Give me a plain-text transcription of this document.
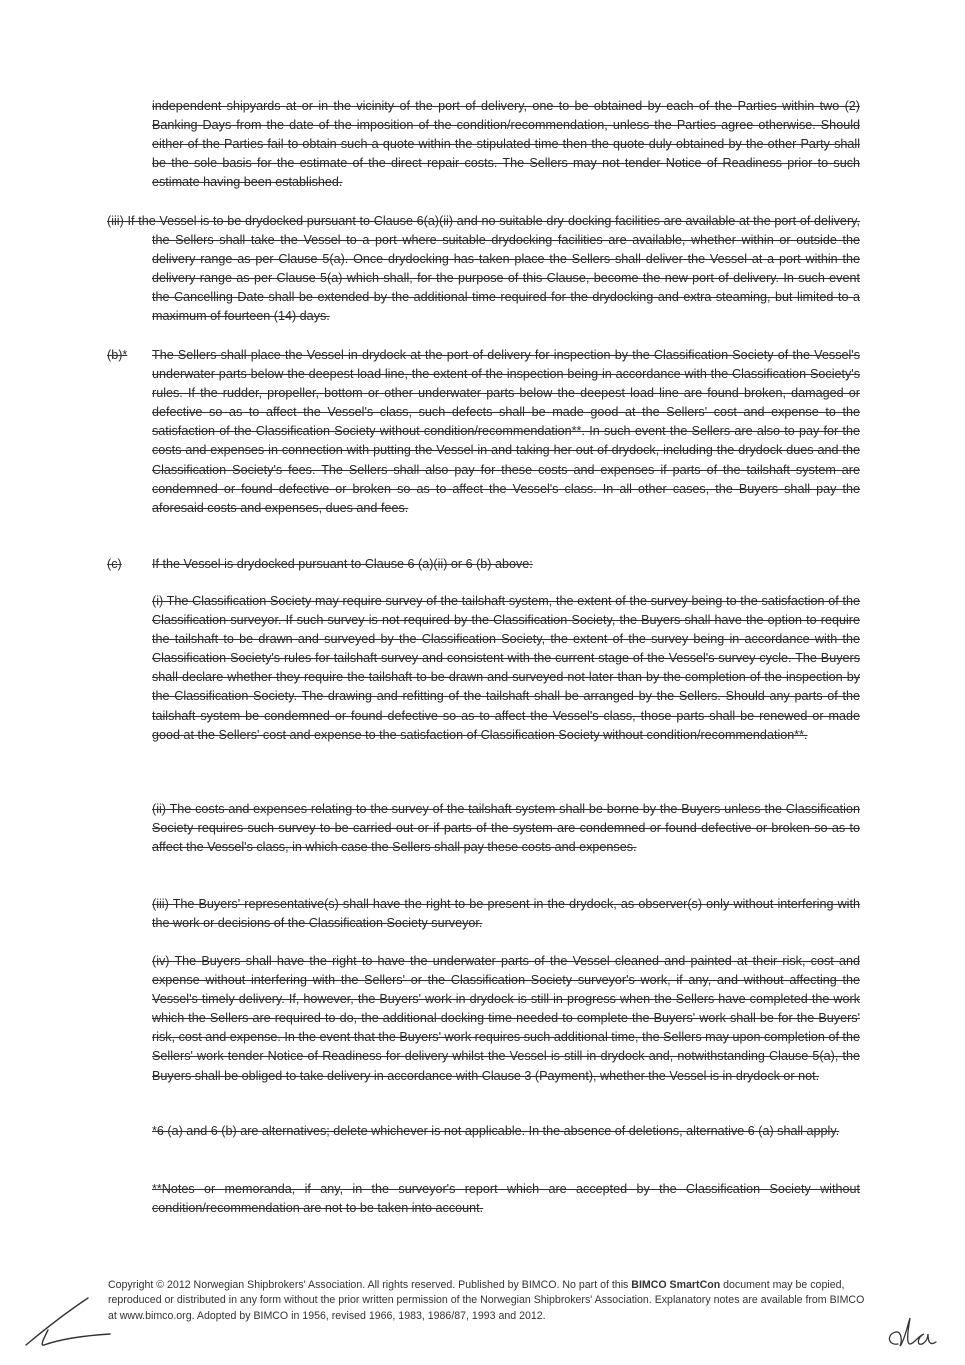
independent shipyards at or in the vicinity of the port of delivery, one to be obtained by each of the Parties within two (2) Banking Days from the date of the imposition of the condition/recommendation, unless the Parties agree otherwise. Should either of the Parties fail to obtain such a quote within the stipulated time then the quote duly obtained by the other Party shall be the sole basis for the estimate of the direct repair costs. The Sellers may not tender Notice of Readiness prior to such estimate having been established.

(iii) If the Vessel is to be drydocked pursuant to Clause 6(a)(ii) and no suitable dry-docking facilities are available at the port of delivery, the Sellers shall take the Vessel to a port where suitable drydocking facilities are available, whether within or outside the delivery range as per Clause 5(a). Once drydocking has taken place the Sellers shall deliver the Vessel at a port within the delivery range as per Clause 5(a) which shall, for the purpose of this Clause, become the new port of delivery. In such event the Cancelling Date shall be extended by the additional time required for the drydocking and extra steaming, but limited to a maximum of fourteen (14) days.

(b)* The Sellers shall place the Vessel in drydock at the port of delivery for inspection by the Classification Society of the Vessel's underwater parts below the deepest load line, the extent of the inspection being in accordance with the Classification Society's rules. If the rudder, propeller, bottom or other underwater parts below the deepest load line are found broken, damaged or defective so as to affect the Vessel's class, such defects shall be made good at the Sellers' cost and expense to the satisfaction of the Classification Society without condition/recommendation**. In such event the Sellers are also to pay for the costs and expenses in connection with putting the Vessel in and taking her out of drydock, including the drydock dues and the Classification Society's fees. The Sellers shall also pay for these costs and expenses if parts of the tailshaft system are condemned or found defective or broken so as to affect the Vessel's class. In all other cases, the Buyers shall pay the aforesaid costs and expenses, dues and fees.

(c) If the Vessel is drydocked pursuant to Clause 6 (a)(ii) or 6 (b) above:

(i) The Classification Society may require survey of the tailshaft system, the extent of the survey being to the satisfaction of the Classification surveyor. If such survey is not required by the Classification Society, the Buyers shall have the option to require the tailshaft to be drawn and surveyed by the Classification Society, the extent of the survey being in accordance with the Classification Society's rules for tailshaft survey and consistent with the current stage of the Vessel's survey cycle. The Buyers shall declare whether they require the tailshaft to be drawn and surveyed not later than by the completion of the inspection by the Classification Society. The drawing and refitting of the tailshaft shall be arranged by the Sellers. Should any parts of the tailshaft system be condemned or found defective so as to affect the Vessel's class, those parts shall be renewed or made good at the Sellers' cost and expense to the satisfaction of Classification Society without condition/recommendation**.

(ii) The costs and expenses relating to the survey of the tailshaft system shall be borne by the Buyers unless the Classification Society requires such survey to be carried out or if parts of the system are condemned or found defective or broken so as to affect the Vessel's class, in which case the Sellers shall pay these costs and expenses.

(iii) The Buyers' representative(s) shall have the right to be present in the drydock, as observer(s) only without interfering with the work or decisions of the Classification Society surveyor.

(iv) The Buyers shall have the right to have the underwater parts of the Vessel cleaned and painted at their risk, cost and expense without interfering with the Sellers' or the Classification Society surveyor's work, if any, and without affecting the Vessel's timely delivery. If, however, the Buyers' work in drydock is still in progress when the Sellers have completed the work which the Sellers are required to do, the additional docking time needed to complete the Buyers' work shall be for the Buyers' risk, cost and expense. In the event that the Buyers' work requires such additional time, the Sellers may upon completion of the Sellers' work tender Notice of Readiness for delivery whilst the Vessel is still in drydock and, notwithstanding Clause 5(a), the Buyers shall be obliged to take delivery in accordance with Clause 3 (Payment), whether the Vessel is in drydock or not.

*6 (a) and 6 (b) are alternatives; delete whichever is not applicable. In the absence of deletions, alternative 6 (a) shall apply.

**Notes or memoranda, if any, in the surveyor's report which are accepted by the Classification Society without condition/recommendation are not to be taken into account.

Copyright © 2012 Norwegian Shipbrokers' Association. All rights reserved. Published by BIMCO. No part of this BIMCO SmartCon document may be copied, reproduced or distributed in any form without the prior written permission of the Norwegian Shipbrokers' Association. Explanatory notes are available from BIMCO at www.bimco.org. Adopted by BIMCO in 1956, revised 1966, 1983, 1986/87, 1993 and 2012.
